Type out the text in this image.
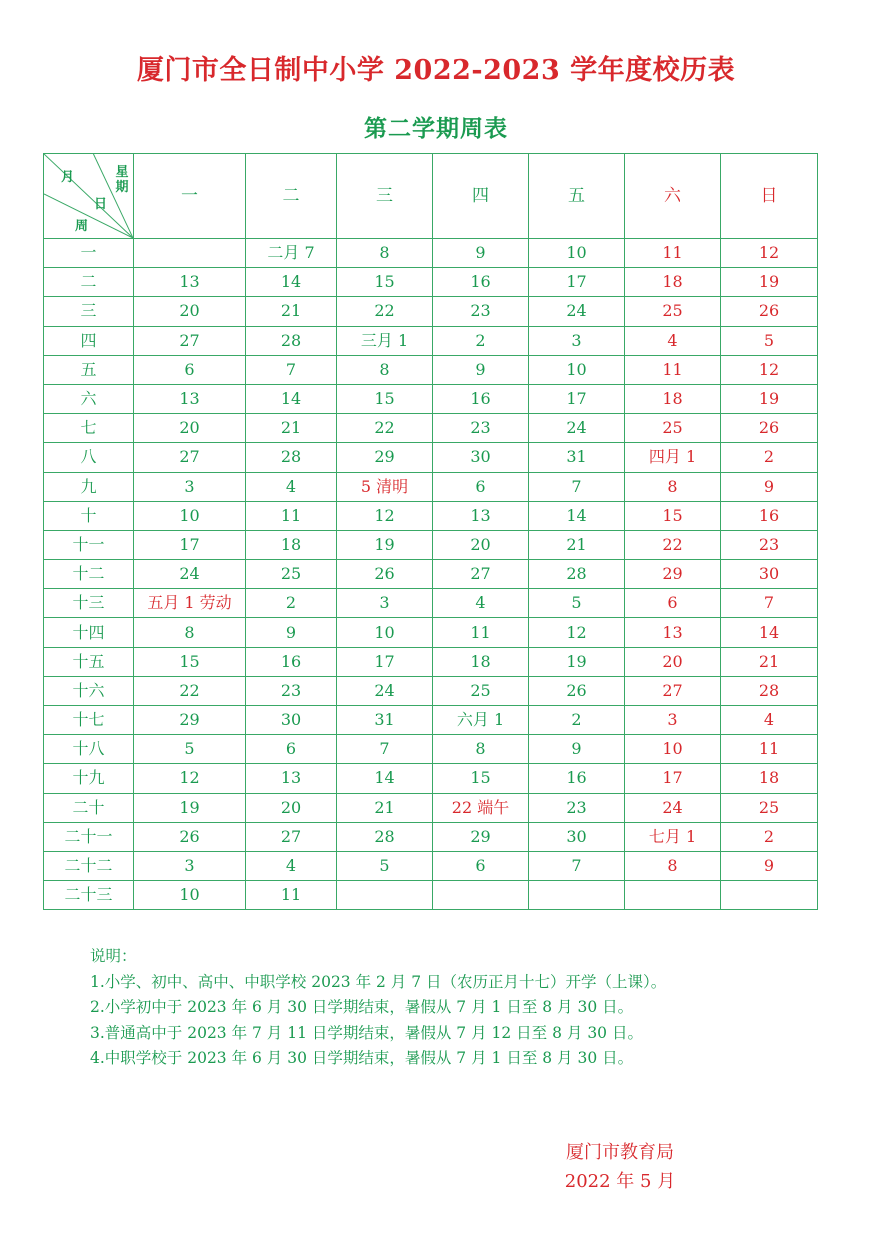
厦门市全日制中小学 2022-2023 学年度校历表
第二学期周表
月 星期
日
周	一	二	三	四	五	六	日
一		二月 7	8	9	10	11	12
二	13	14	15	16	17	18	19
三	20	21	22	23	24	25	26
四	27	28	三月 1	2	3	4	5
五	6	7	8	9	10	11	12
六	13	14	15	16	17	18	19
七	20	21	22	23	24	25	26
八	27	28	29	30	31	四月 1	2
九	3	4	5 清明	6	7	8	9
十	10	11	12	13	14	15	16
十一	17	18	19	20	21	22	23
十二	24	25	26	27	28	29	30
十三	五月 1 劳动	2	3	4	5	6	7
十四	8	9	10	11	12	13	14
十五	15	16	17	18	19	20	21
十六	22	23	24	25	26	27	28
十七	29	30	31	六月 1	2	3	4
十八	5	6	7	8	9	10	11
十九	12	13	14	15	16	17	18
二十	19	20	21	22 端午	23	24	25
二十一	26	27	28	29	30	七月 1	2
二十二	3	4	5	6	7	8	9
二十三	10	11					
说明：
1.小学、初中、高中、中职学校 2023 年 2 月 7 日（农历正月十七）开学（上课）。
2.小学初中于 2023 年 6 月 30 日学期结束，暑假从 7 月 1 日至 8 月 30 日。
3.普通高中于 2023 年 7 月 11 日学期结束，暑假从 7 月 12 日至 8 月 30 日。
4.中职学校于 2023 年 6 月 30 日学期结束，暑假从 7 月 1 日至 8 月 30 日。
厦门市教育局
2022 年 5 月
